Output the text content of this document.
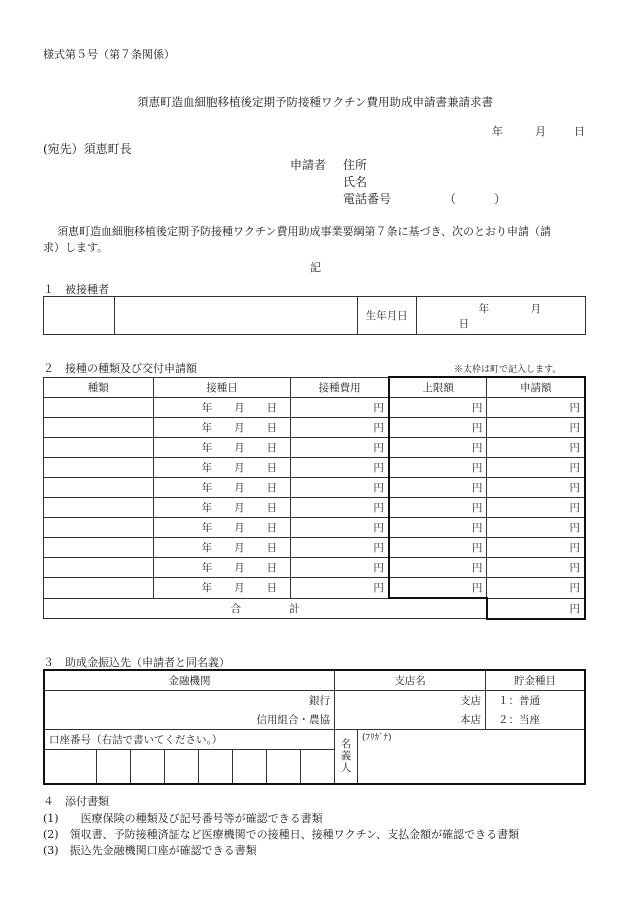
様式第５号（第７条関係）
須恵町造血細胞移植後定期予防接種ワクチン費用助成申請書兼請求書
年	月	日
(宛先）須恵町長
申請者 住所
氏名
電話番号	（	）
須恵町造血細胞移植後定期予防接種ワクチン費用助成事業要綱第７条に基づき、次のとおり申請（請
求）します。
記
１　被接種者
		生年月日	年	月 日
２　接種の種類及び交付申請額	※太枠は町で記入します。
種類	接種日	接種費用	上限額	申請額
	年 月 日	円	円	円
	年 月 日	円	円	円
	年 月 日	円	円	円
	年 月 日	円	円	円
	年 月 日	円	円	円
	年 月 日	円	円	円
	年 月 日	円	円	円
	年 月 日	円	円	円
	年 月 日	円	円	円
	年 月 日	円	円	円
合 計				円
３　助成金振込先（申請者と同名義）
金融機関								支店名		貯金種目
銀行								支店		１：普通
信用組合・農協								本店		２：当座
口座番号（右詰で書いてください。）								名
義
人	(ﾌﾘｶﾞﾅ)	

４　添付書類
(1)　　医療保険の種類及び記号番号等が確認できる書類
(2)　領収書、予防接種済証など医療機関での接種日、接種ワクチン、支払金額が確認できる書類
(3)　振込先金融機関口座が確認できる書類
